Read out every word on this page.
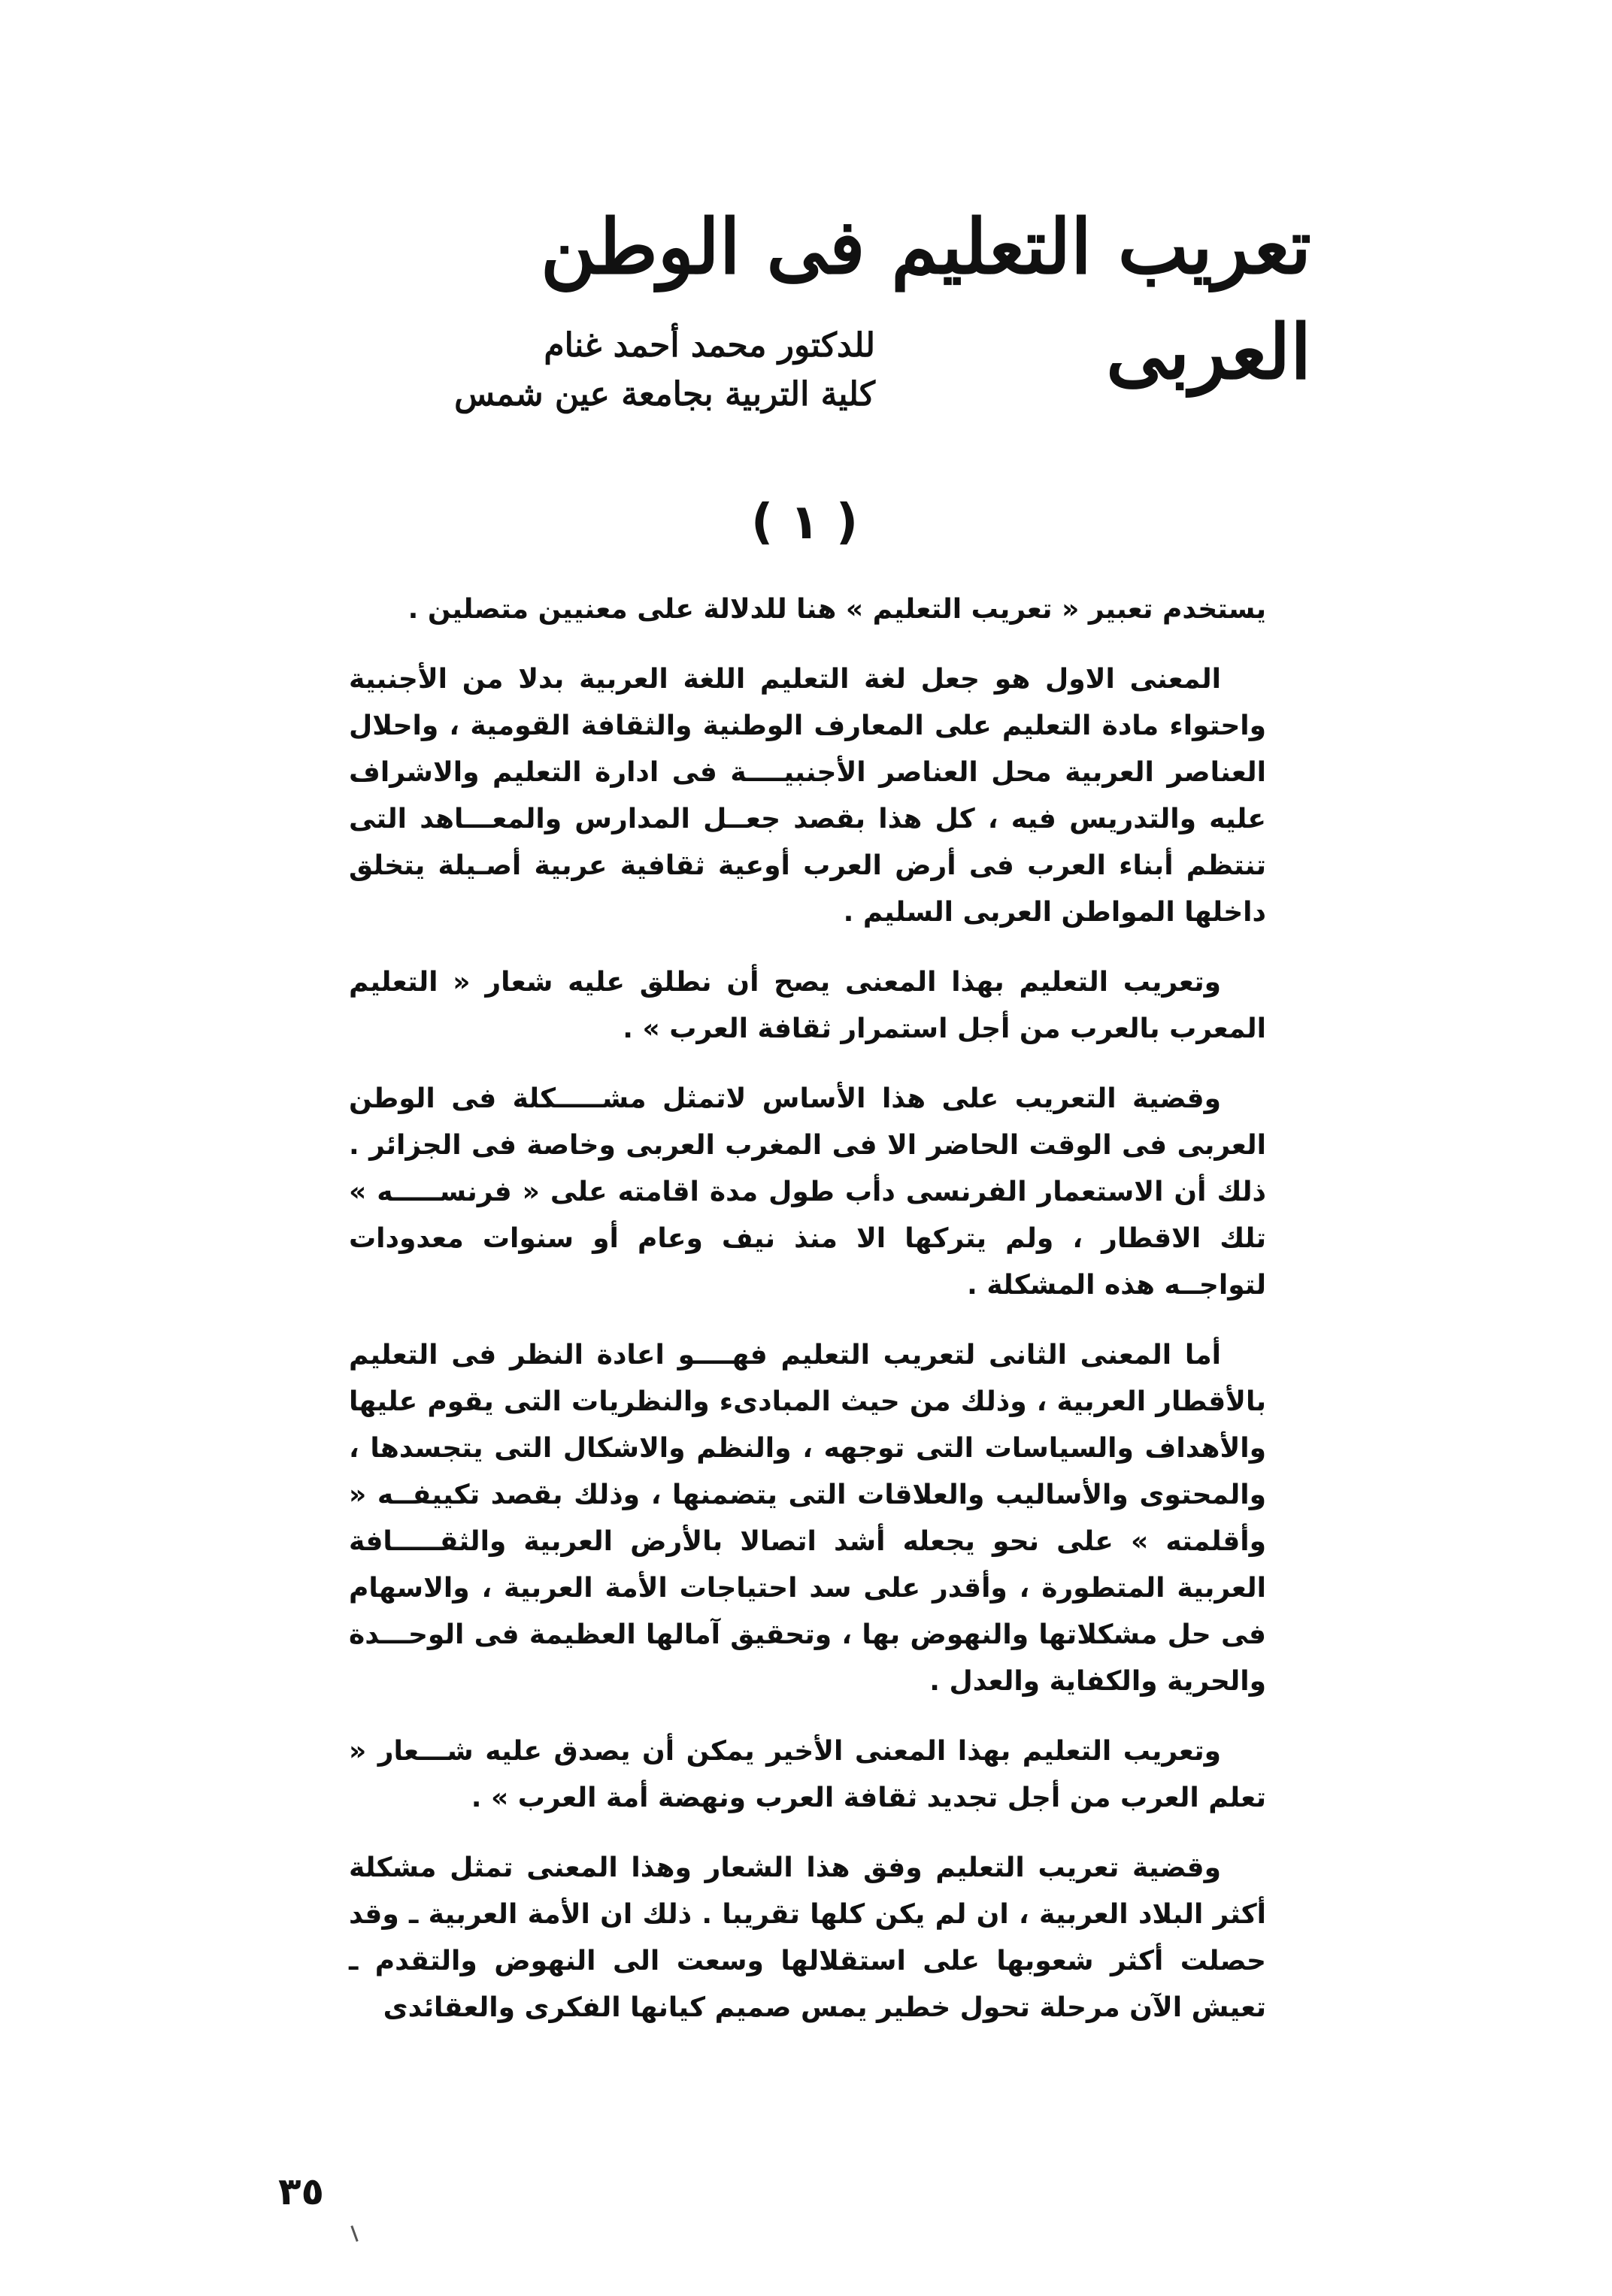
تعريب التعليم فى الوطن العربى

للدكتور محمد أحمد غنام

كلية التربية بجامعة عين شمس

( ١ )

يستخدم تعبير « تعريب التعليم » هنا للدلالة على معنيين متصلين .

المعنى الاول هو جعل لغة التعليم اللغة العربية بدلا من الأجنبية واحتواء مادة التعليم على المعارف الوطنية والثقافة القومية ، واحلال العناصر العربية محل العناصر الأجنبيــــة فى ادارة التعليم والاشراف عليه والتدريس فيه ، كل هذا بقصد جعــل المدارس والمعـــاهد التى تنتظم أبناء العرب فى أرض العرب أوعية ثقافية عربية أصـيلة يتخلق داخلها المواطن العربى السليم .

وتعريب التعليم بهذا المعنى يصح أن نطلق عليه شعار « التعليم المعرب بالعرب من أجل استمرار ثقافة العرب » .

وقضية التعريب على هذا الأساس لاتمثل مشـــــكلة فى الوطن العربى فى الوقت الحاضر الا فى المغرب العربى وخاصة فى الجزائر . ذلك أن الاستعمار الفرنسى دأب طول مدة اقامته على « فرنســـــه » تلك الاقطار ، ولم يتركها الا منذ نيف وعام أو سنوات معدودات لتواجــه هذه المشكلة .

أما المعنى الثانى لتعريب التعليم فهــــو اعادة النظر فى التعليم بالأقطار العربية ، وذلك من حيث المبادىء والنظريات التى يقوم عليها والأهداف والسياسات التى توجهه ، والنظم والاشكال التى يتجسدها ، والمحتوى والأساليب والعلاقات التى يتضمنها ، وذلك بقصد تكييفــه « وأقلمته » على نحو يجعله أشد اتصالا بالأرض العربية والثقـــــافة العربية المتطورة ، وأقدر على سد احتياجات الأمة العربية ، والاسهام فى حل مشكلاتها والنهوض بها ، وتحقيق آمالها العظيمة فى الوحـــدة والحرية والكفاية والعدل .

وتعريب التعليم بهذا المعنى الأخير يمكن أن يصدق عليه شـــعار « تعلم العرب من أجل تجديد ثقافة العرب ونهضة أمة العرب » .

وقضية تعريب التعليم وفق هذا الشعار وهذا المعنى تمثل مشكلة أكثر البلاد العربية ، ان لم يكن كلها تقريبا . ذلك ان الأمة العربية ـ وقد حصلت أكثر شعوبها على استقلالها وسعت الى النهوض والتقدم ـ تعيش الآن مرحلة تحول خطير يمس صميم كيانها الفكرى والعقائدى

٣٥
